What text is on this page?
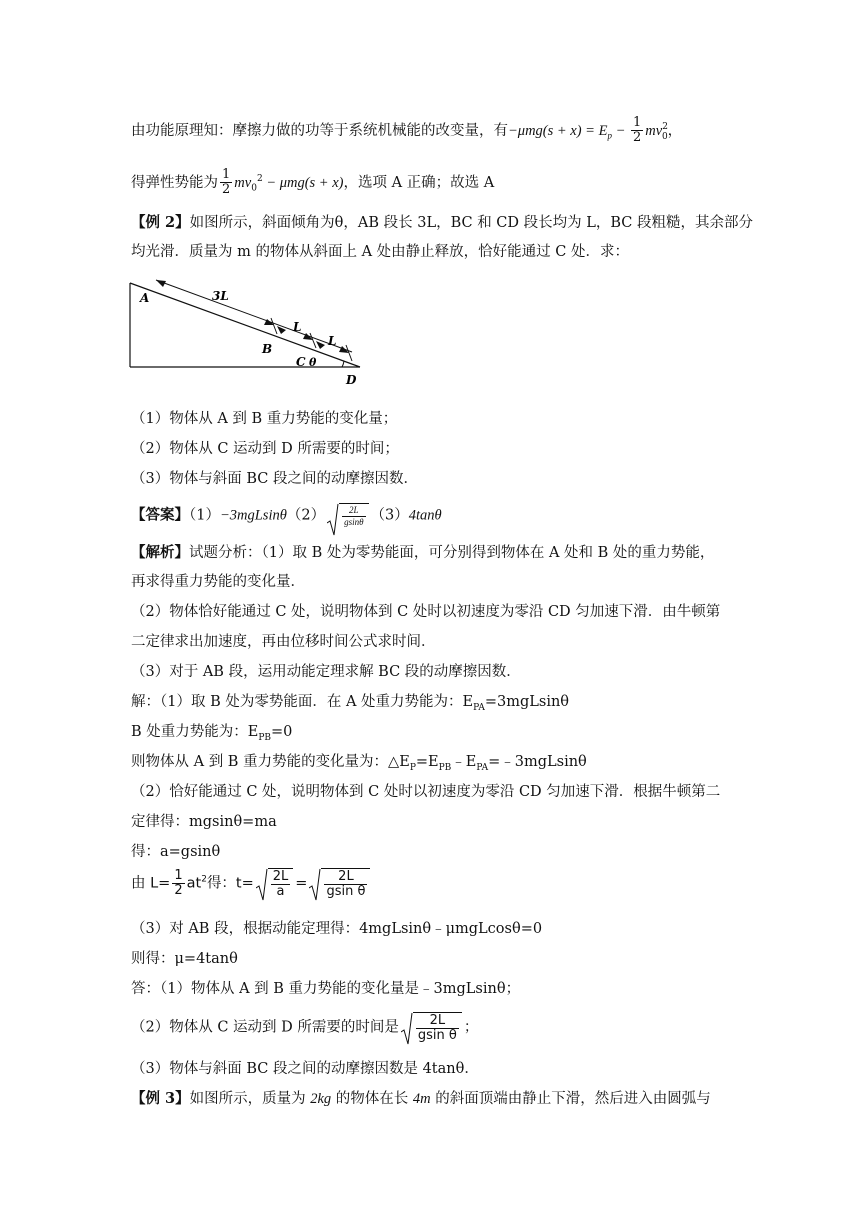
由功能原理知：摩擦力做的功等于系统机械能的改变量，有$-\mu mg(s + x) = E_p - \frac{1}{2} mv^2_0$，
得弹性势能为 $\frac{1}{2} mv_0^2 - \mu mg(s + x)$，选项 A 正确；故选 A
【例 2】如图所示，斜面倾角为θ，AB 段长 3L，BC 和 CD 段长均为 L，BC 段粗糙，其余部分
均光滑．质量为 m 的物体从斜面上 A 处由静止释放，恰好能通过 C 处．求：
A	3L
L
L
B
C θ
D
（1）物体从 A 到 B 重力势能的变化量；
（2）物体从 C 运动到 D 所需要的时间；
（3）物体与斜面 BC 段之间的动摩擦因数．
【答案】$(1)-3mgLsin\theta(2) \frac{2L}{gsin\theta} (3)4\tan\theta$
【解析】试题分析：（1）取 B 处为零势能面，可分别得到物体在 A 处和 B 处的重力势能，
再求得重力势能的变化量．
（2）物体恰好能通过 C 处，说明物体到 C 处时以初速度为零沿 CD 匀加速下滑．由牛顿第
二定律求出加速度，再由位移时间公式求时间．
（3）对于 AB 段，运用动能定理求解 BC 段的动摩擦因数．
解：（1）取 B 处为零势能面．在 A 处重力势能为：$E_{PA}=3mgLsin\theta$
B 处重力势能为：$E_{PB}=0$
则物体从 A 到 B 重力势能的变化量为：$\triangle E_P=E_{PB}﹣E_{PA}=﹣3mgLsin\theta$
（2）恰好能通过 C 处，说明物体到 C 处时以初速度为零沿 CD 匀加速下滑．根据牛顿第二
定律得：mgsinθ=ma
得：a=gsinθ
由 $L= \frac{1}{2} at^2$得：$t= \frac{2L}{a} = \frac{2L}{\text{gsin θ}}$
（3）对 AB 段，根据动能定理得：4mgLsinθ﹣μmgLcosθ=0
则得：μ=4tanθ
答：（1）物体从 A 到 B 重力势能的变化量是﹣3mgLsinθ；
（2）物体从 C 运动到 D 所需要的时间是 $\frac{2L}{\text{gsin θ}}$ ；
（3）物体与斜面 BC 段之间的动摩擦因数是 4tanθ．
【例 3】如图所示，质量为 2kg 的物体在长 4m 的斜面顶端由静止下滑，然后进入由圆弧与
